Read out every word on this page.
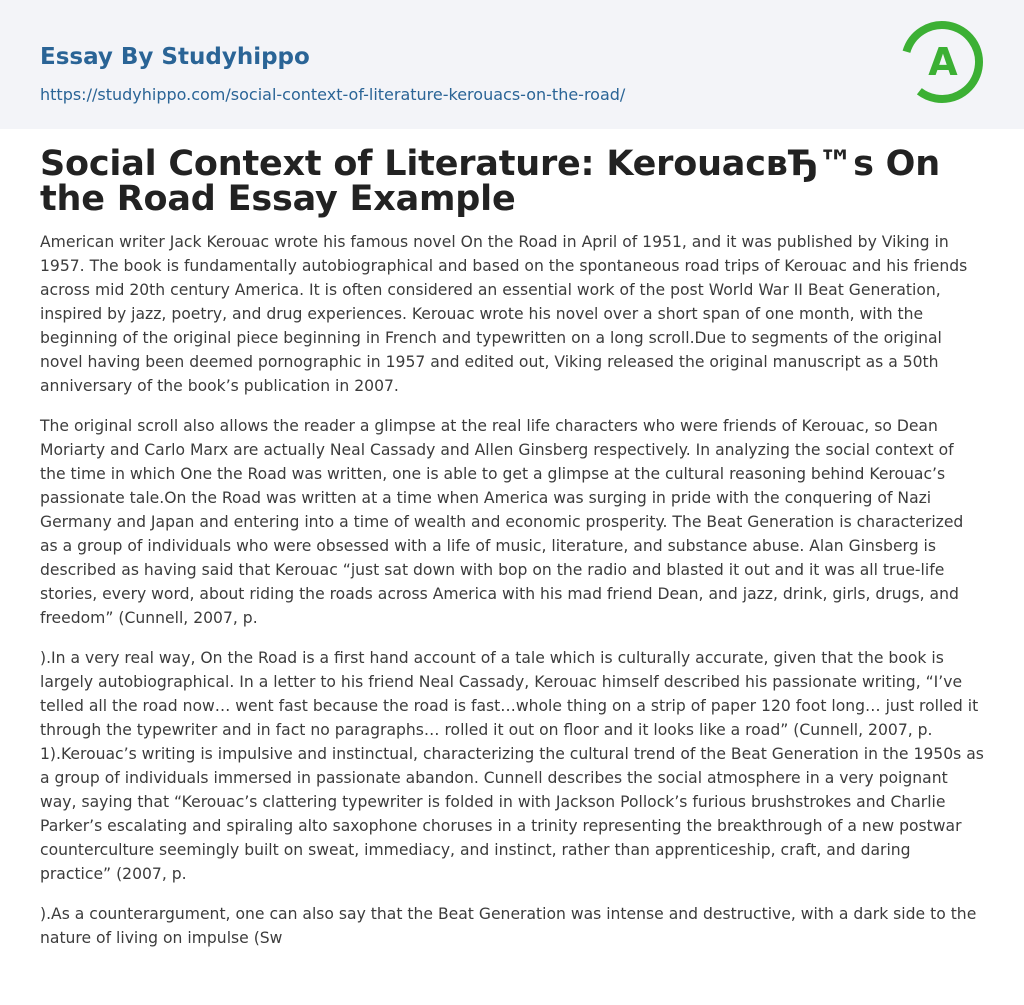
Essay By Studyhippo
https://studyhippo.com/social-context-of-literature-kerouacs-on-the-road/
A
Social Context of Literature: KerouacвЂ™s On the Road Essay Example

American writer Jack Kerouac wrote his famous novel On the Road in April of 1951, and it was published by Viking in 1957. The book is fundamentally autobiographical and based on the spontaneous road trips of Kerouac and his friends across mid 20th century America. It is often considered an essential work of the post World War II Beat Generation, inspired by jazz, poetry, and drug experiences. Kerouac wrote his novel over a short span of one month, with the beginning of the original piece beginning in French and typewritten on a long scroll.Due to segments of the original novel having been deemed pornographic in 1957 and edited out, Viking released the original manuscript as a 50th anniversary of the book’s publication in 2007.

The original scroll also allows the reader a glimpse at the real life characters who were friends of Kerouac, so Dean Moriarty and Carlo Marx are actually Neal Cassady and Allen Ginsberg respectively. In analyzing the social context of the time in which One the Road was written, one is able to get a glimpse at the cultural reasoning behind Kerouac’s passionate tale.On the Road was written at a time when America was surging in pride with the conquering of Nazi Germany and Japan and entering into a time of wealth and economic prosperity. The Beat Generation is characterized as a group of individuals who were obsessed with a life of music, literature, and substance abuse. Alan Ginsberg is described as having said that Kerouac “just sat down with bop on the radio and blasted it out and it was all true-life stories, every word, about riding the roads across America with his mad friend Dean, and jazz, drink, girls, drugs, and freedom” (Cunnell, 2007, p.

).In a very real way, On the Road is a first hand account of a tale which is culturally accurate, given that the book is largely autobiographical. In a letter to his friend Neal Cassady, Kerouac himself described his passionate writing, “I’ve telled all the road now… went fast because the road is fast…whole thing on a strip of paper 120 foot long… just rolled it through the typewriter and in fact no paragraphs… rolled it out on floor and it looks like a road” (Cunnell, 2007, p. 1).Kerouac’s writing is impulsive and instinctual, characterizing the cultural trend of the Beat Generation in the 1950s as a group of individuals immersed in passionate abandon. Cunnell describes the social atmosphere in a very poignant way, saying that “Kerouac’s clattering typewriter is folded in with Jackson Pollock’s furious brushstrokes and Charlie Parker’s escalating and spiraling alto saxophone choruses in a trinity representing the breakthrough of a new postwar counterculture seemingly built on sweat, immediacy, and instinct, rather than apprenticeship, craft, and daring practice” (2007, p.

).As a counterargument, one can also say that the Beat Generation was intense and destructive, with a dark side to the nature of living on impulse (Sw
